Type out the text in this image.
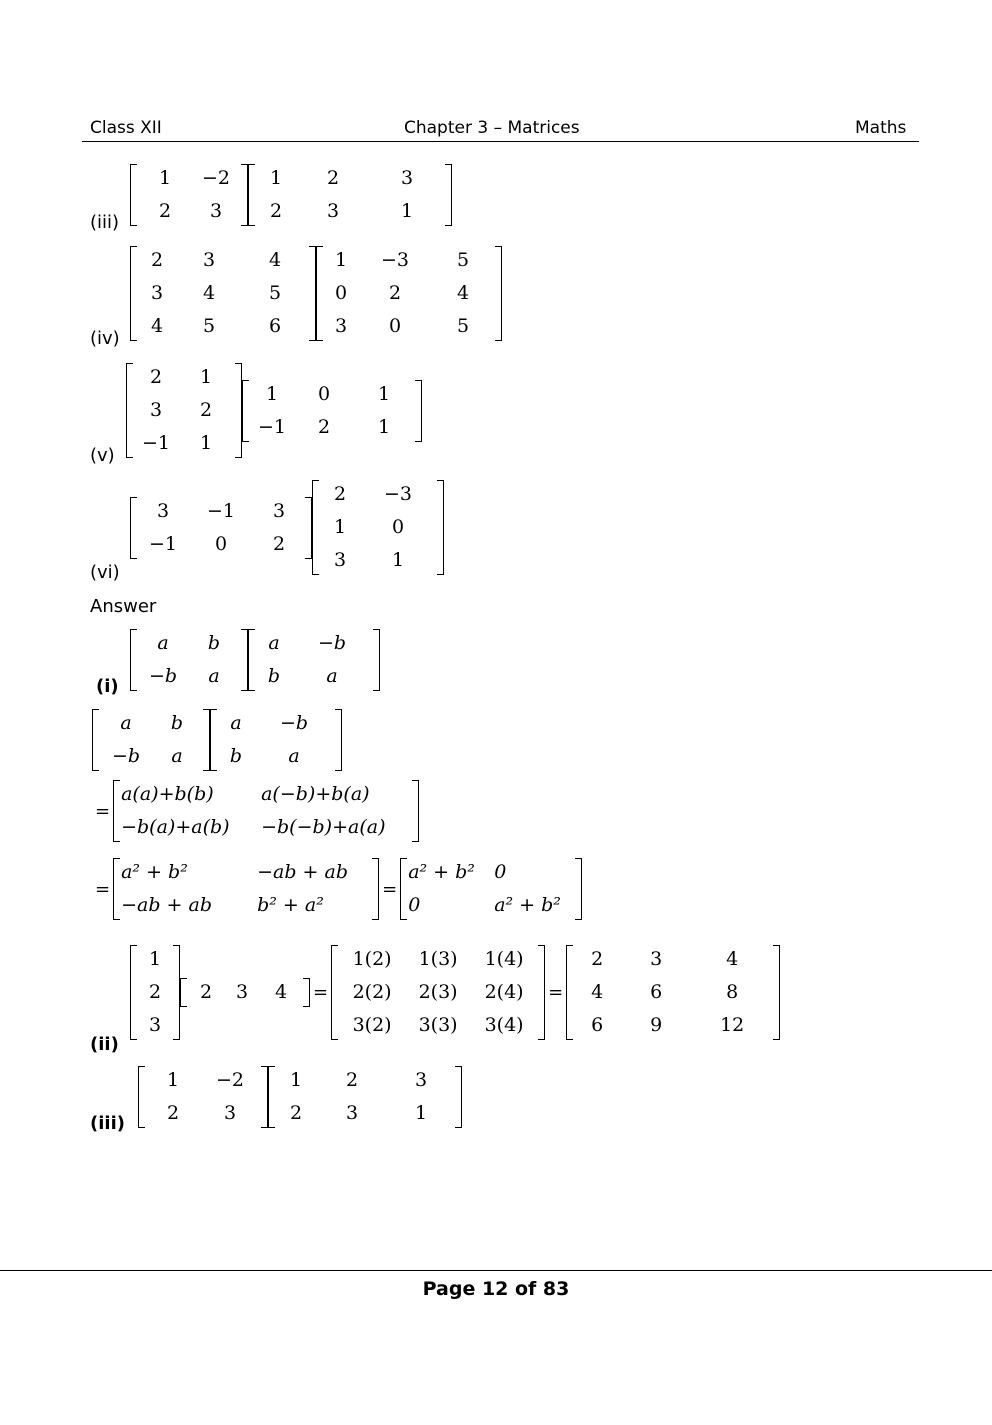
Class XII	Chapter 3 – Matrices	Maths
(iii)
(iv)
(v)
(vi)
Answer
(i)
(ii)
(iii)
1	−2
2	3
1	2	3
2	3	1
2	3	4
3	4	5
4	5	6
1	−3	5
0	2	4
3	0	5
2	1
3	2
−1	1
1	0	1
−1	2	1
3	−1	3
−1	0	2
2	−3
1	0
3	1
a	b
−b	a
a	−b
b	a
a	b
−b	a
a	−b
b	a
=
a(a)+b(b)	a(−b)+b(a)
−b(a)+a(b)	−b(−b)+a(a)
=
a² + b²	−ab + ab
−ab + ab	b² + a²
=
a² + b²	0
0	a² + b²
1
2
3
2	3	4	=
1(2)	1(3)	1(4)
2(2)	2(3)	2(4)
3(2)	3(3)	3(4)
=
2	3	4
4	6	8
6	9	12
1	−2
2	3
1	2	3
2	3	1
Page 12 of 83
